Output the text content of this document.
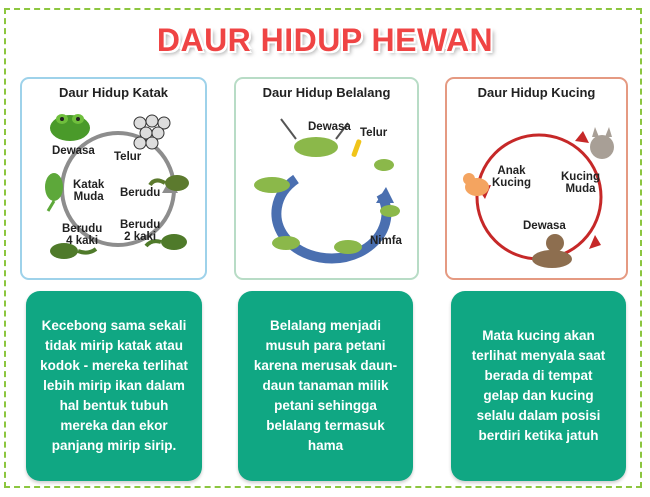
DAUR HIDUP HEWAN
Daur Hidup Katak
Dewasa Telur
Katak
Muda Berudu
Berudu
4 kaki
Berudu
2 kaki
Daur Hidup Belalang
Dewasa Telur
Nimfa
Daur Hidup Kucing
Anak
Kucing	Kucing
Muda
Dewasa
Kecebong sama sekali tidak mirip katak atau kodok - mereka terlihat lebih mirip ikan dalam hal bentuk tubuh mereka dan ekor panjang mirip sirip.
Belalang menjadi musuh para petani karena merusak daun-daun tanaman milik petani sehingga belalang termasuk hama
Mata kucing akan terlihat menyala saat berada di tempat gelap dan kucing selalu dalam posisi berdiri ketika jatuh
